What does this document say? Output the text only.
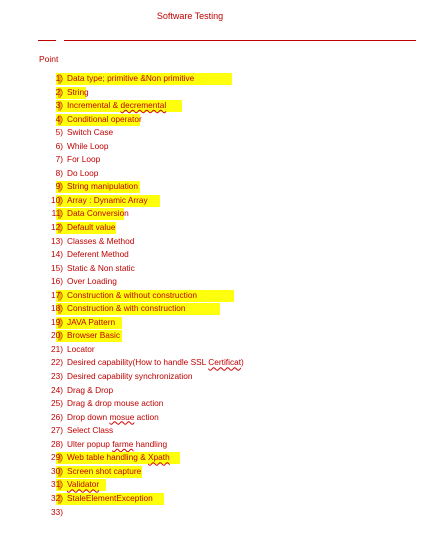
Software Testing
Point
1) Data type; primitive &Non primitive
2) String
3) Incremental & decremental
4) Conditional operator
5) Switch Case
6) While Loop
7) For Loop
8) Do Loop
9) String manipulation
10) Array : Dynamic Array
11) Data Conversion
12) Default value
13) Classes & Method
14) Deferent Method
15) Static & Non static
16) Over Loading
17) Construction & without construction
18) Construction & with construction
19) JAVA Pattern
20) Browser Basic
21) Locator
22) Desired capability(How to handle SSL Certificat)
23) Desired capability synchronization
24) Drag & Drop
25) Drag & drop mouse action
26) Drop down mosue action
27) Select Class
28) Ulter popup farme handling
29) Web table handling & Xpath
30) Screen shot capture
31) Validator
32) StaleElementException
33)
